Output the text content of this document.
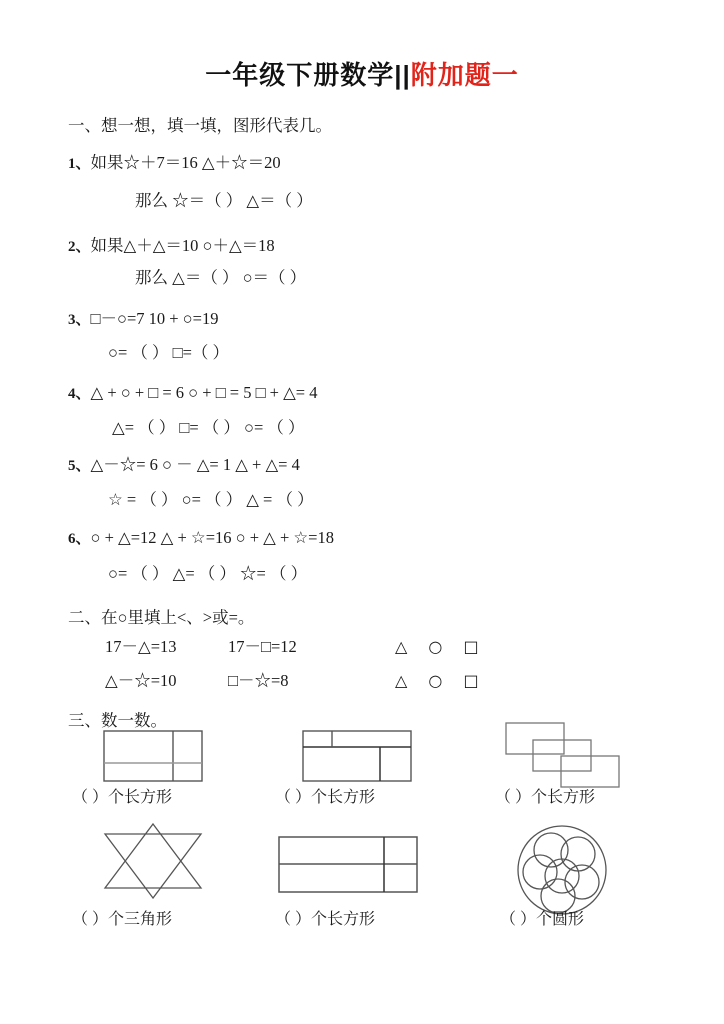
一年级下册数学||附加题一
一、想一想，填一填，图形代表几。
1、如果☆＋7＝16 △＋☆＝20
那么 ☆＝（ ） △＝（ ）
2、如果△＋△＝10 ○＋△＝18
那么 △＝（ ） ○＝（ ）
3、□－○=7 10 + ○=19
○= （ ） □=（ ）
4、△ + ○ + □ = 6 ○ + □ = 5 □ + △= 4
△= （ ） □= （ ） ○= （ ）
5、△－☆= 6 ○ － △= 1 △ + △= 4
☆ = （ ） ○= （ ） △ = （ ）
6、○ + △=12 △ + ☆=16 ○ + △ + ☆=18
○= （ ） △= （ ） ☆= （ ）
二、在○里填上<、>或=。
17－△=13	17－□=12	△ ○ □
△－☆=10	□－☆=8	△ ○ □
三、数一数。
（ ）个长方形	（ ）个长方形	（ ）个长方形
（ ）个三角形	（ ）个长方形	（ ）个圆形
